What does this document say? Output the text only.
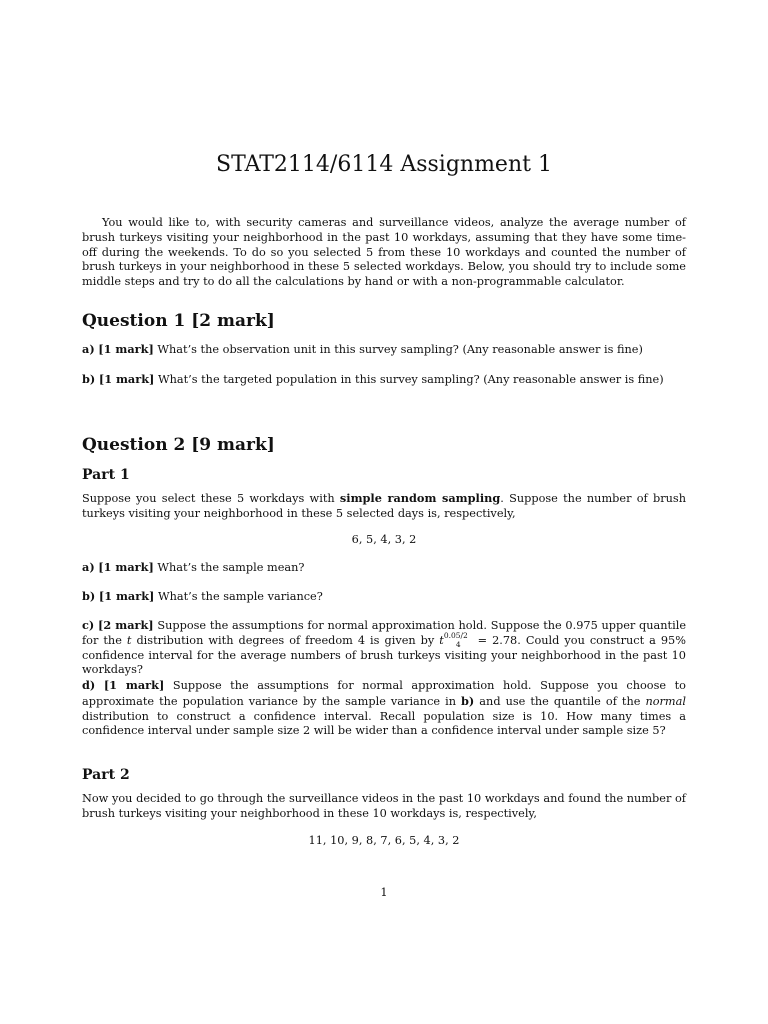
STAT2114/6114 Assignment 1

You would like to, with security cameras and surveillance videos, analyze the average number of brush turkeys visiting your neighborhood in the past 10 workdays, assuming that they have some time-off during the weekends. To do so you selected 5 from these 10 workdays and counted the number of brush turkeys in your neighborhood in these 5 selected workdays. Below, you should try to include some middle steps and try to do all the calculations by hand or with a non-programmable calculator.

Question 1 [2 mark]

a) [1 mark] What’s the observation unit in this survey sampling? (Any reasonable answer is fine)

b) [1 mark] What’s the targeted population in this survey sampling? (Any reasonable answer is fine)

Question 2 [9 mark]
Part 1

Suppose you select these 5 workdays with simple random sampling. Suppose the number of brush turkeys visiting your neighborhood in these 5 selected days is, respectively,

6, 5, 4, 3, 2

a) [1 mark] What’s the sample mean?

b) [1 mark] What’s the sample variance?

c) [2 mark] Suppose the assumptions for normal approximation hold. Suppose the 0.975 upper quantile for the t distribution with degrees of freedom 4 is given by $t^{0.05/2}_4 = 2.78$. Could you construct a 95% confidence interval for the average numbers of brush turkeys visiting your neighborhood in the past 10 workdays?

d) [1 mark] Suppose the assumptions for normal approximation hold. Suppose you choose to approximate the population variance by the sample variance in b) and use the quantile of the normal distribution to construct a confidence interval. Recall population size is 10. How many times a confidence interval under sample size 2 will be wider than a confidence interval under sample size 5?

Part 2

Now you decided to go through the surveillance videos in the past 10 workdays and found the number of brush turkeys visiting your neighborhood in these 10 workdays is, respectively,

11, 10, 9, 8, 7, 6, 5, 4, 3, 2

1
